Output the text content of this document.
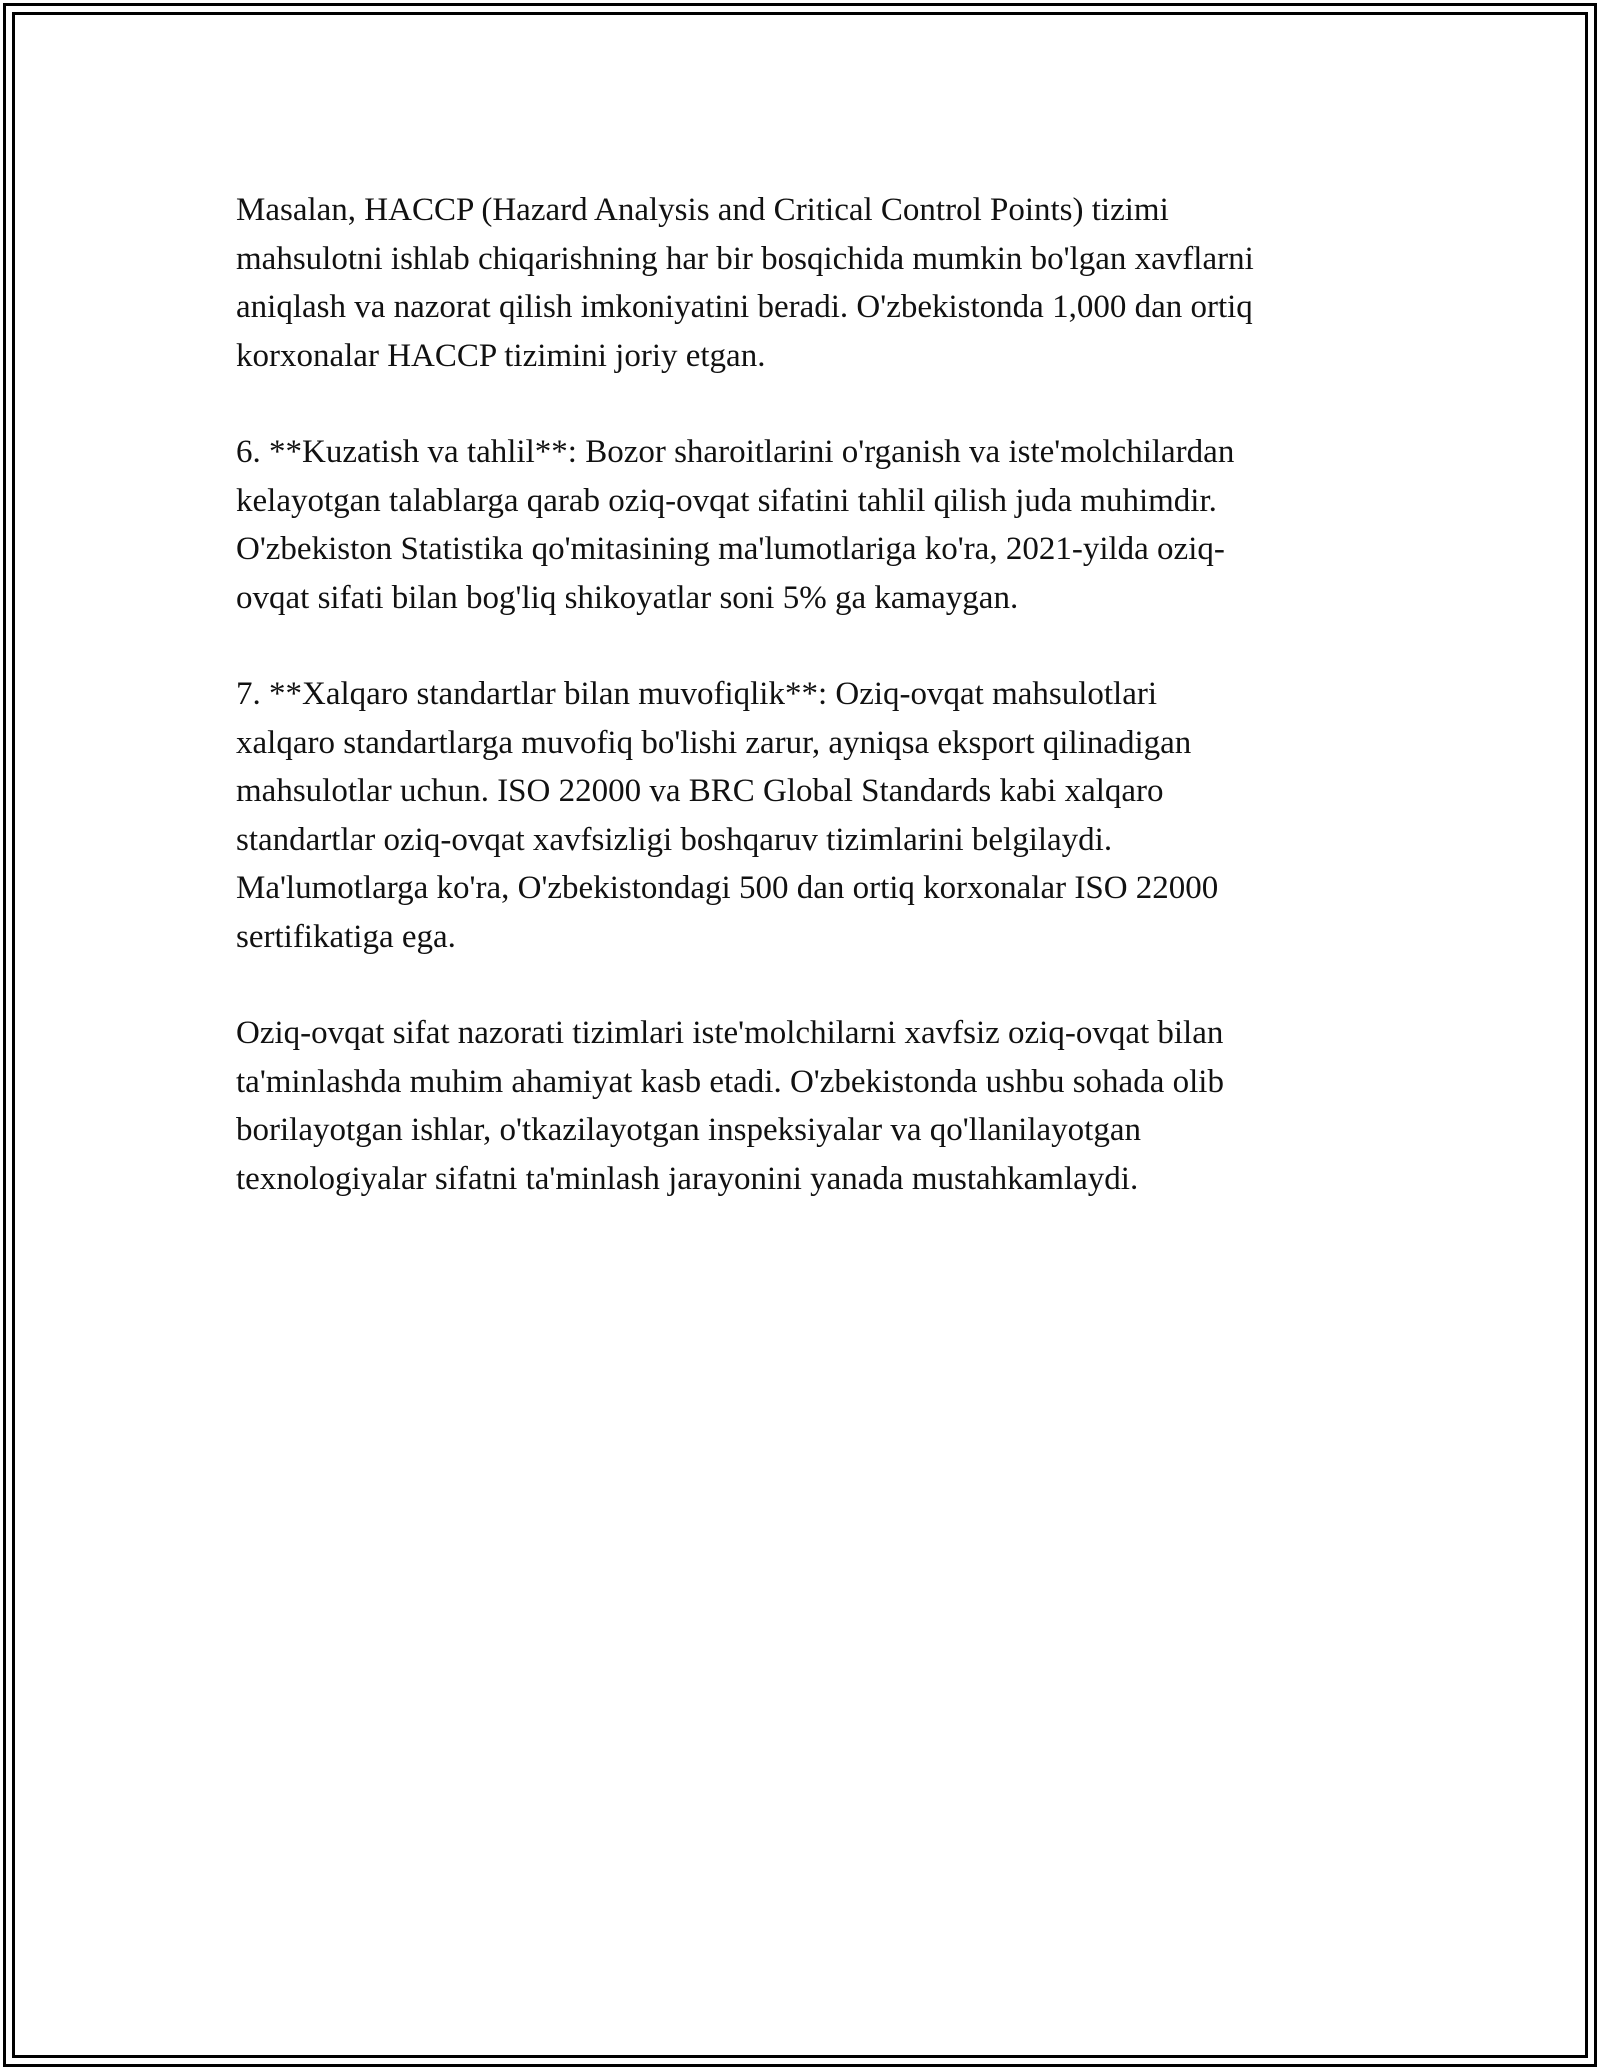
Masalan, HACCP (Hazard Analysis and Critical Control Points) tizimi
mahsulotni ishlab chiqarishning har bir bosqichida mumkin bo'lgan xavflarni
aniqlash va nazorat qilish imkoniyatini beradi. O'zbekistonda 1,000 dan ortiq
korxonalar HACCP tizimini joriy etgan.

6. **Kuzatish va tahlil**: Bozor sharoitlarini o'rganish va iste'molchilardan
kelayotgan talablarga qarab oziq-ovqat sifatini tahlil qilish juda muhimdir.
O'zbekiston Statistika qo'mitasining ma'lumotlariga ko'ra, 2021-yilda oziq-
ovqat sifati bilan bog'liq shikoyatlar soni 5% ga kamaygan.

7. **Xalqaro standartlar bilan muvofiqlik**: Oziq-ovqat mahsulotlari
xalqaro standartlarga muvofiq bo'lishi zarur, ayniqsa eksport qilinadigan
mahsulotlar uchun. ISO 22000 va BRC Global Standards kabi xalqaro
standartlar oziq-ovqat xavfsizligi boshqaruv tizimlarini belgilaydi.
Ma'lumotlarga ko'ra, O'zbekistondagi 500 dan ortiq korxonalar ISO 22000
sertifikatiga ega.

Oziq-ovqat sifat nazorati tizimlari iste'molchilarni xavfsiz oziq-ovqat bilan
ta'minlashda muhim ahamiyat kasb etadi. O'zbekistonda ushbu sohada olib
borilayotgan ishlar, o'tkazilayotgan inspeksiyalar va qo'llanilayotgan
texnologiyalar sifatni ta'minlash jarayonini yanada mustahkamlaydi.
